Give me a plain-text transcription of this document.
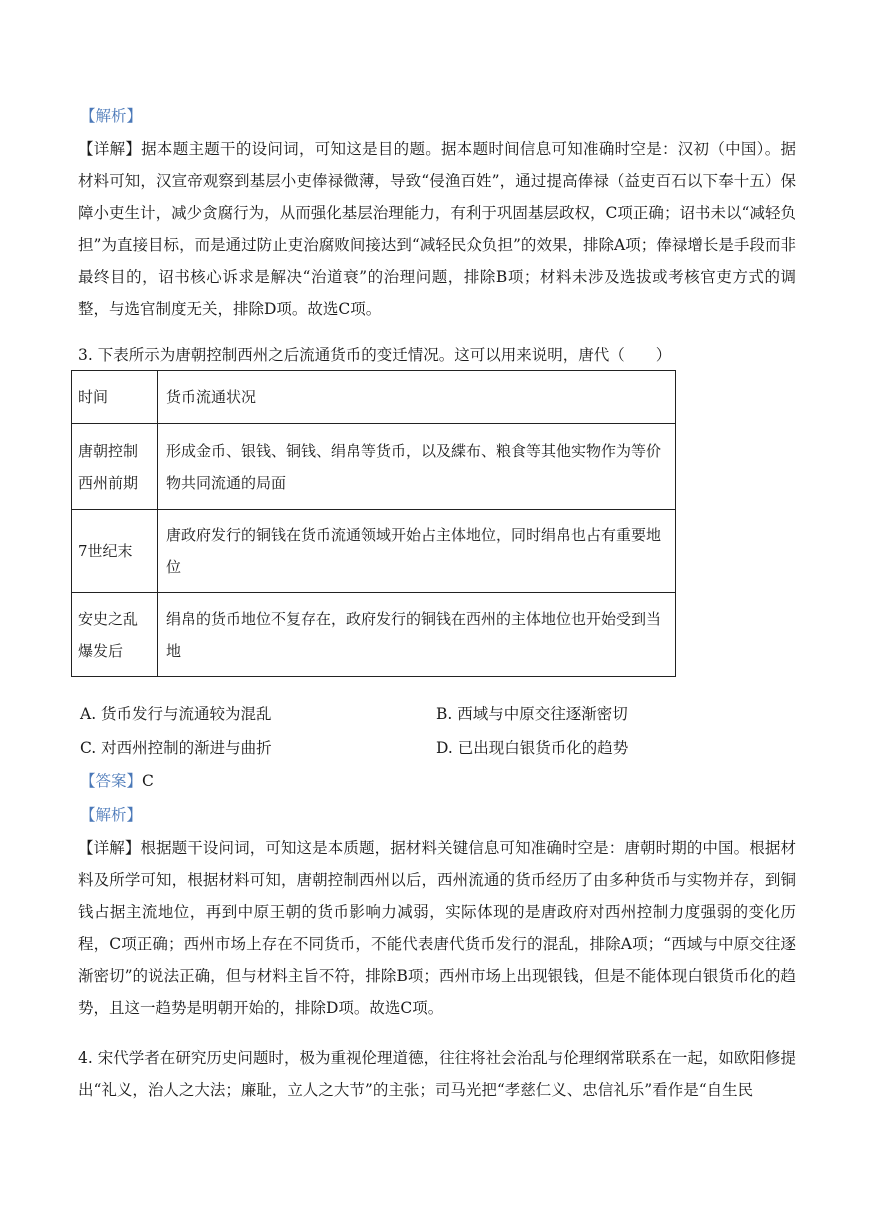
【解析】
【详解】据本题主题干的设问词，可知这是目的题。据本题时间信息可知准确时空是：汉初（中国）。据材料可知，汉宣帝观察到基层小吏俸禄微薄，导致“侵渔百姓”，通过提高俸禄（益吏百石以下奉十五）保障小吏生计，减少贪腐行为，从而强化基层治理能力，有利于巩固基层政权，C项正确；诏书未以“减轻负担”为直接目标，而是通过防止吏治腐败间接达到“减轻民众负担”的效果，排除A项；俸禄增长是手段而非最终目的，诏书核心诉求是解决“治道衰”的治理问题，排除B项；材料未涉及选拔或考核官吏方式的调整，与选官制度无关，排除D项。故选C项。
3. 下表所示为唐朝控制西州之后流通货币的变迁情况。这可以用来说明，唐代（　　）
时间	货币流通状况
唐朝控制西州前期	形成金币、银钱、铜钱、绢帛等货币，以及緤布、粮食等其他实物作为等价物共同流通的局面
7世纪末	唐政府发行的铜钱在货币流通领域开始占主体地位，同时绢帛也占有重要地位
安史之乱爆发后	绢帛的货币地位不复存在，政府发行的铜钱在西州的主体地位也开始受到当地
A. 货币发行与流通较为混乱	B. 西域与中原交往逐渐密切
C. 对西州控制的渐进与曲折	D. 已出现白银货币化的趋势
【答案】C
【解析】
【详解】根据题干设问词，可知这是本质题，据材料关键信息可知准确时空是：唐朝时期的中国。根据材料及所学可知，根据材料可知，唐朝控制西州以后，西州流通的货币经历了由多种货币与实物并存，到铜钱占据主流地位，再到中原王朝的货币影响力减弱，实际体现的是唐政府对西州控制力度强弱的变化历程，C项正确；西州市场上存在不同货币，不能代表唐代货币发行的混乱，排除A项；“西域与中原交往逐渐密切”的说法正确，但与材料主旨不符，排除B项；西州市场上出现银钱，但是不能体现白银货币化的趋势，且这一趋势是明朝开始的，排除D项。故选C项。
4. 宋代学者在研究历史问题时，极为重视伦理道德，往往将社会治乱与伦理纲常联系在一起，如欧阳修提出“礼义，治人之大法；廉耻，立人之大节”的主张；司马光把“孝慈仁义、忠信礼乐”看作是“自生民
